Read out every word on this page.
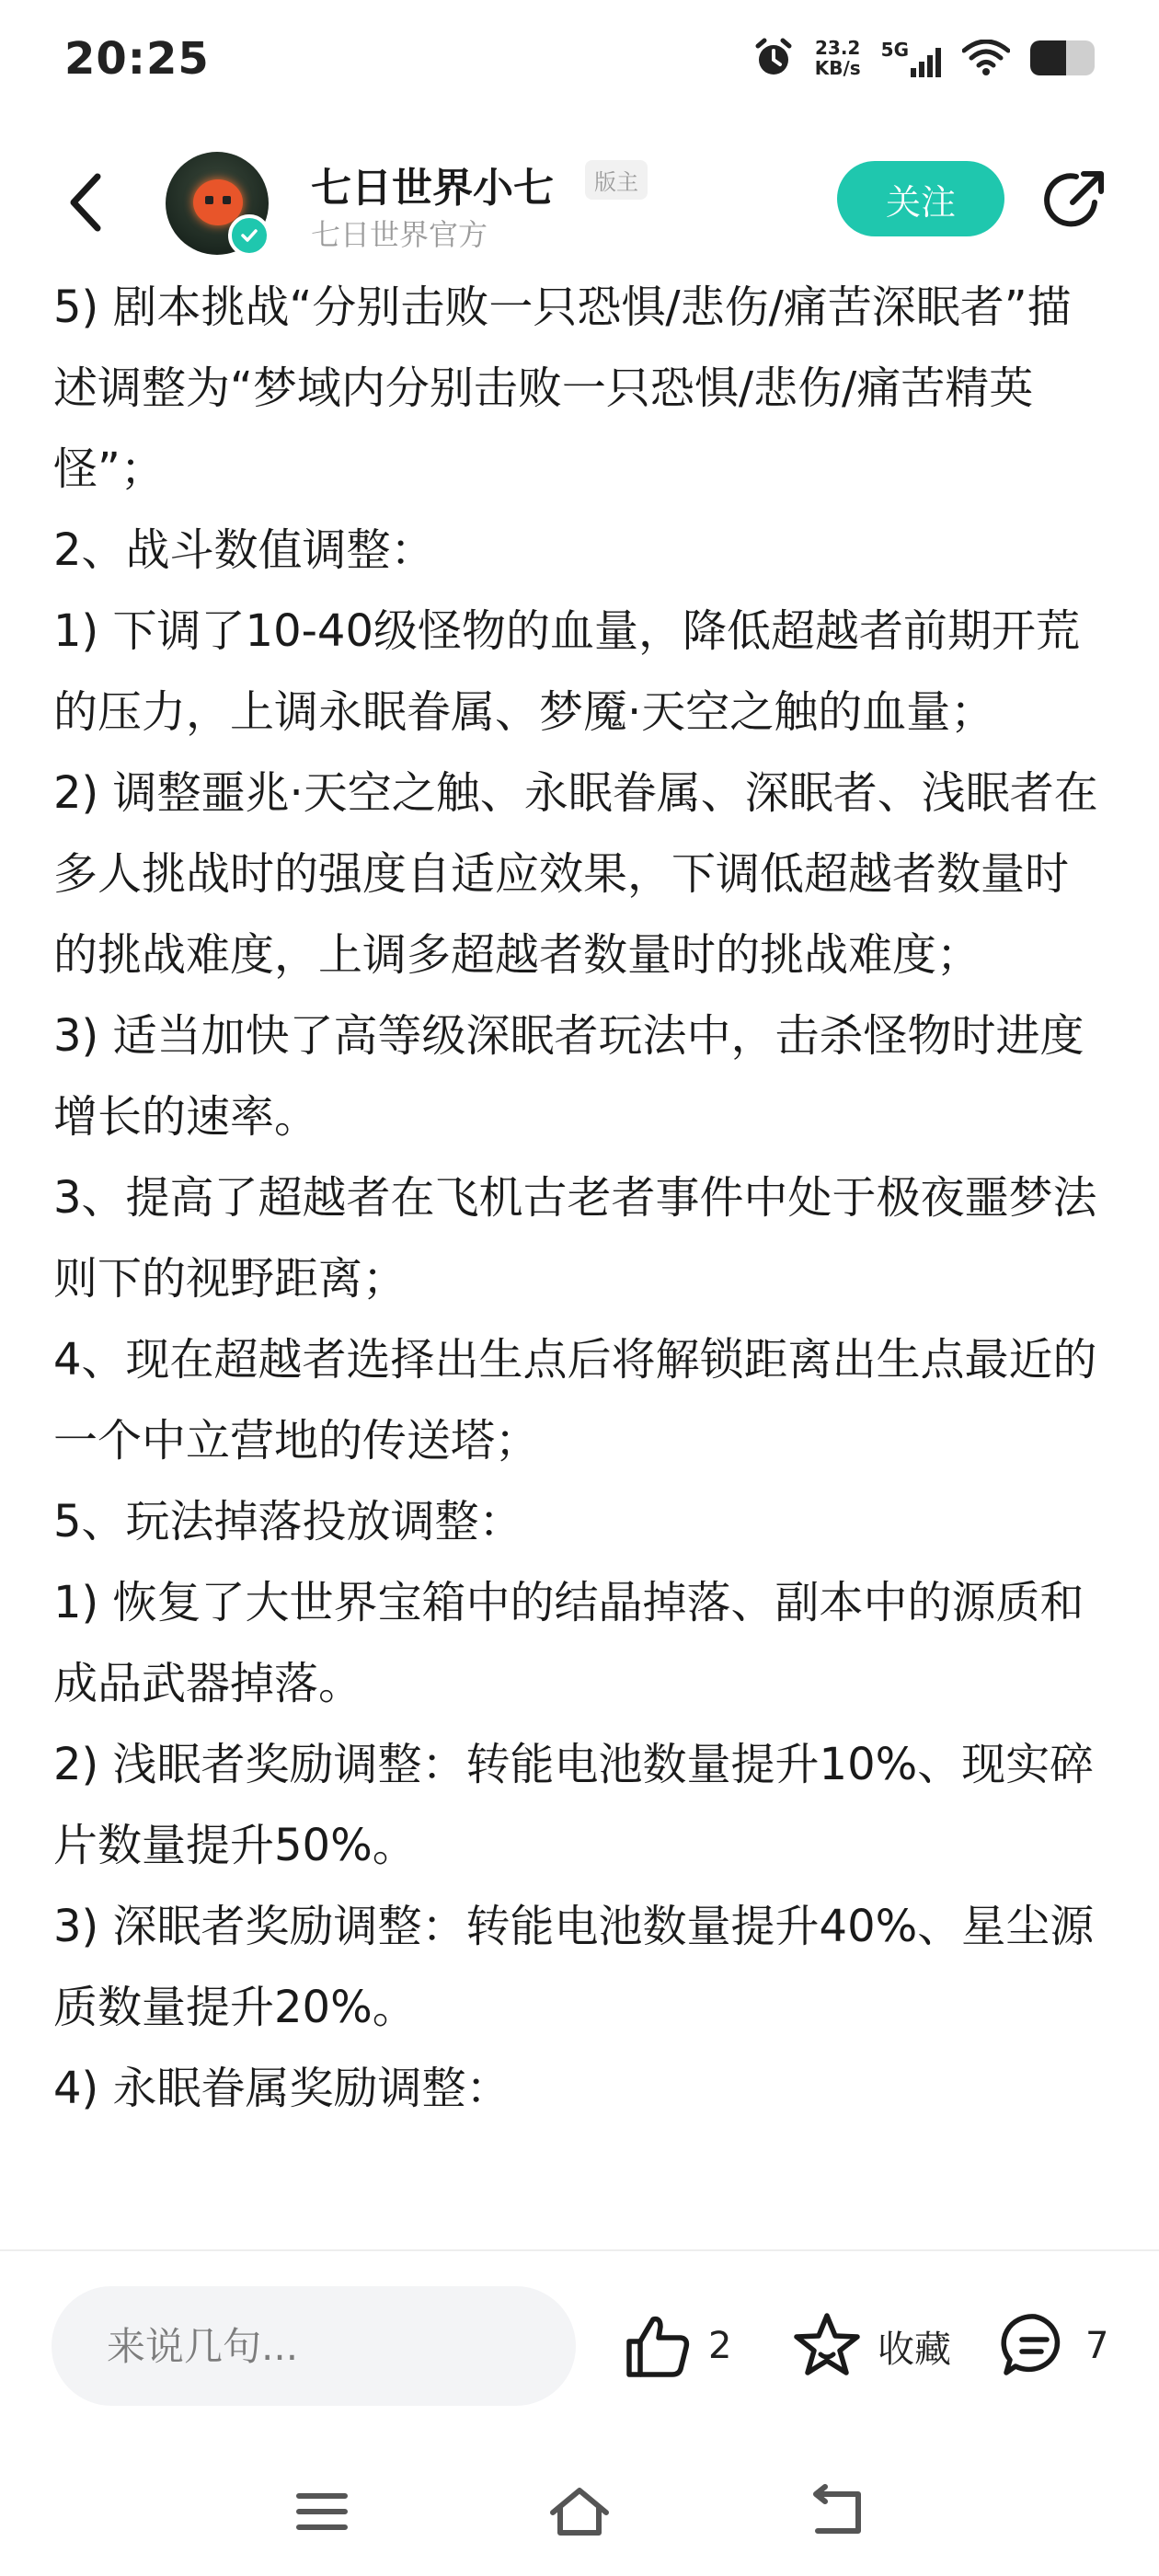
20:25	23.2
KB/s
5G
七日世界小七	版主
七日世界官方
关注

5) 剧本挑战“分别击败一只恐惧/悲伤/痛苦深眠者”描述调整为“梦域内分别击败一只恐惧/悲伤/痛苦精英怪”；

2、战斗数值调整：

1) 下调了10-40级怪物的血量，降低超越者前期开荒的压力，上调永眠眷属、梦魇·天空之触的血量；

2) 调整噩兆·天空之触、永眠眷属、深眠者、浅眠者在多人挑战时的强度自适应效果，下调低超越者数量时的挑战难度，上调多超越者数量时的挑战难度；

3) 适当加快了高等级深眠者玩法中，击杀怪物时进度增长的速率。

3、提高了超越者在飞机古老者事件中处于极夜噩梦法则下的视野距离；

4、现在超越者选择出生点后将解锁距离出生点最近的一个中立营地的传送塔；

5、玩法掉落投放调整：

1) 恢复了大世界宝箱中的结晶掉落、副本中的源质和成品武器掉落。

2) 浅眠者奖励调整：转能电池数量提升10%、现实碎片数量提升50%。

3) 深眠者奖励调整：转能电池数量提升40%、星尘源质数量提升20%。

4) 永眠眷属奖励调整：

来说几句...
2	收藏	7
